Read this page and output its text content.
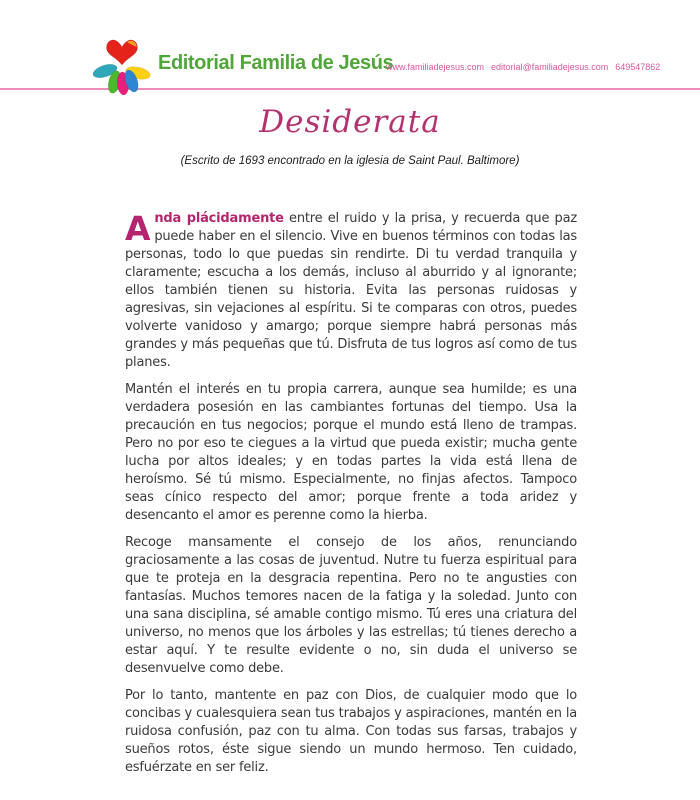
Editorial Familia de Jesús
www.familiadejesus.com editorial@familiadejesus.com 649547862
Desiderata
(Escrito de 1693 encontrado en la iglesia de Saint Paul. Baltimore)

Anda plácidamente entre el ruido y la prisa, y recuerda que paz puede haber en el silencio. Vive en buenos términos con todas las personas, todo lo que puedas sin rendirte. Di tu verdad tranquila y claramente; escucha a los demás, incluso al aburrido y al ignorante; ellos también tienen su historia. Evita las personas ruidosas y agresivas, sin vejaciones al espíritu. Si te comparas con otros, puedes volverte vanidoso y amargo; porque siempre habrá personas más grandes y más pequeñas que tú. Disfruta de tus logros así como de tus planes.

Mantén el interés en tu propia carrera, aunque sea humilde; es una verdadera posesión en las cambiantes fortunas del tiempo. Usa la precaución en tus negocios; porque el mundo está lleno de trampas. Pero no por eso te ciegues a la virtud que pueda existir; mucha gente lucha por altos ideales; y en todas partes la vida está llena de heroísmo. Sé tú mismo. Especialmente, no finjas afectos. Tampoco seas cínico respecto del amor; porque frente a toda aridez y desencanto el amor es perenne como la hierba.

Recoge mansamente el consejo de los años, renunciando graciosamente a las cosas de juventud. Nutre tu fuerza espiritual para que te proteja en la desgracia repentina. Pero no te angusties con fantasías. Muchos temores nacen de la fatiga y la soledad. Junto con una sana disciplina, sé amable contigo mismo. Tú eres una criatura del universo, no menos que los árboles y las estrellas; tú tienes derecho a estar aquí. Y te resulte evidente o no, sin duda el universo se desenvuelve como debe.

Por lo tanto, mantente en paz con Dios, de cualquier modo que lo concibas y cualesquiera sean tus trabajos y aspiraciones, mantén en la ruidosa confusión, paz con tu alma. Con todas sus farsas, trabajos y sueños rotos, éste sigue siendo un mundo hermoso. Ten cuidado, esfuérzate en ser feliz.
